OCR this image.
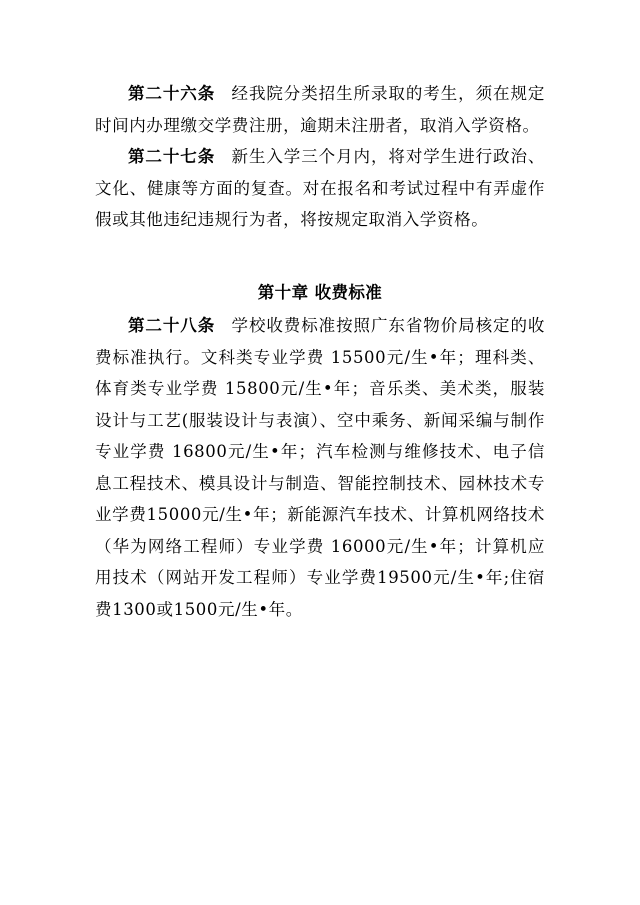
第二十六条 经我院分类招生所录取的考生，须在规定时间内办理缴交学费注册，逾期未注册者，取消入学资格。

第二十七条 新生入学三个月内，将对学生进行政治、文化、健康等方面的复查。对在报名和考试过程中有弄虚作假或其他违纪违规行为者，将按规定取消入学资格。

第十章 收费标准

第二十八条 学校收费标准按照广东省物价局核定的收费标准执行。文科类专业学费 15500元/生•年；理科类、体育类专业学费 15800元/生•年；音乐类、美术类，服装设计与工艺(服装设计与表演）、空中乘务、新闻采编与制作专业学费 16800元/生•年；汽车检测与维修技术、电子信息工程技术、模具设计与制造、智能控制技术、园林技术专业学费15000元/生•年；新能源汽车技术、计算机网络技术（华为网络工程师）专业学费 16000元/生•年；计算机应用技术（网站开发工程师）专业学费19500元/生•年;住宿费1300或1500元/生•年。
